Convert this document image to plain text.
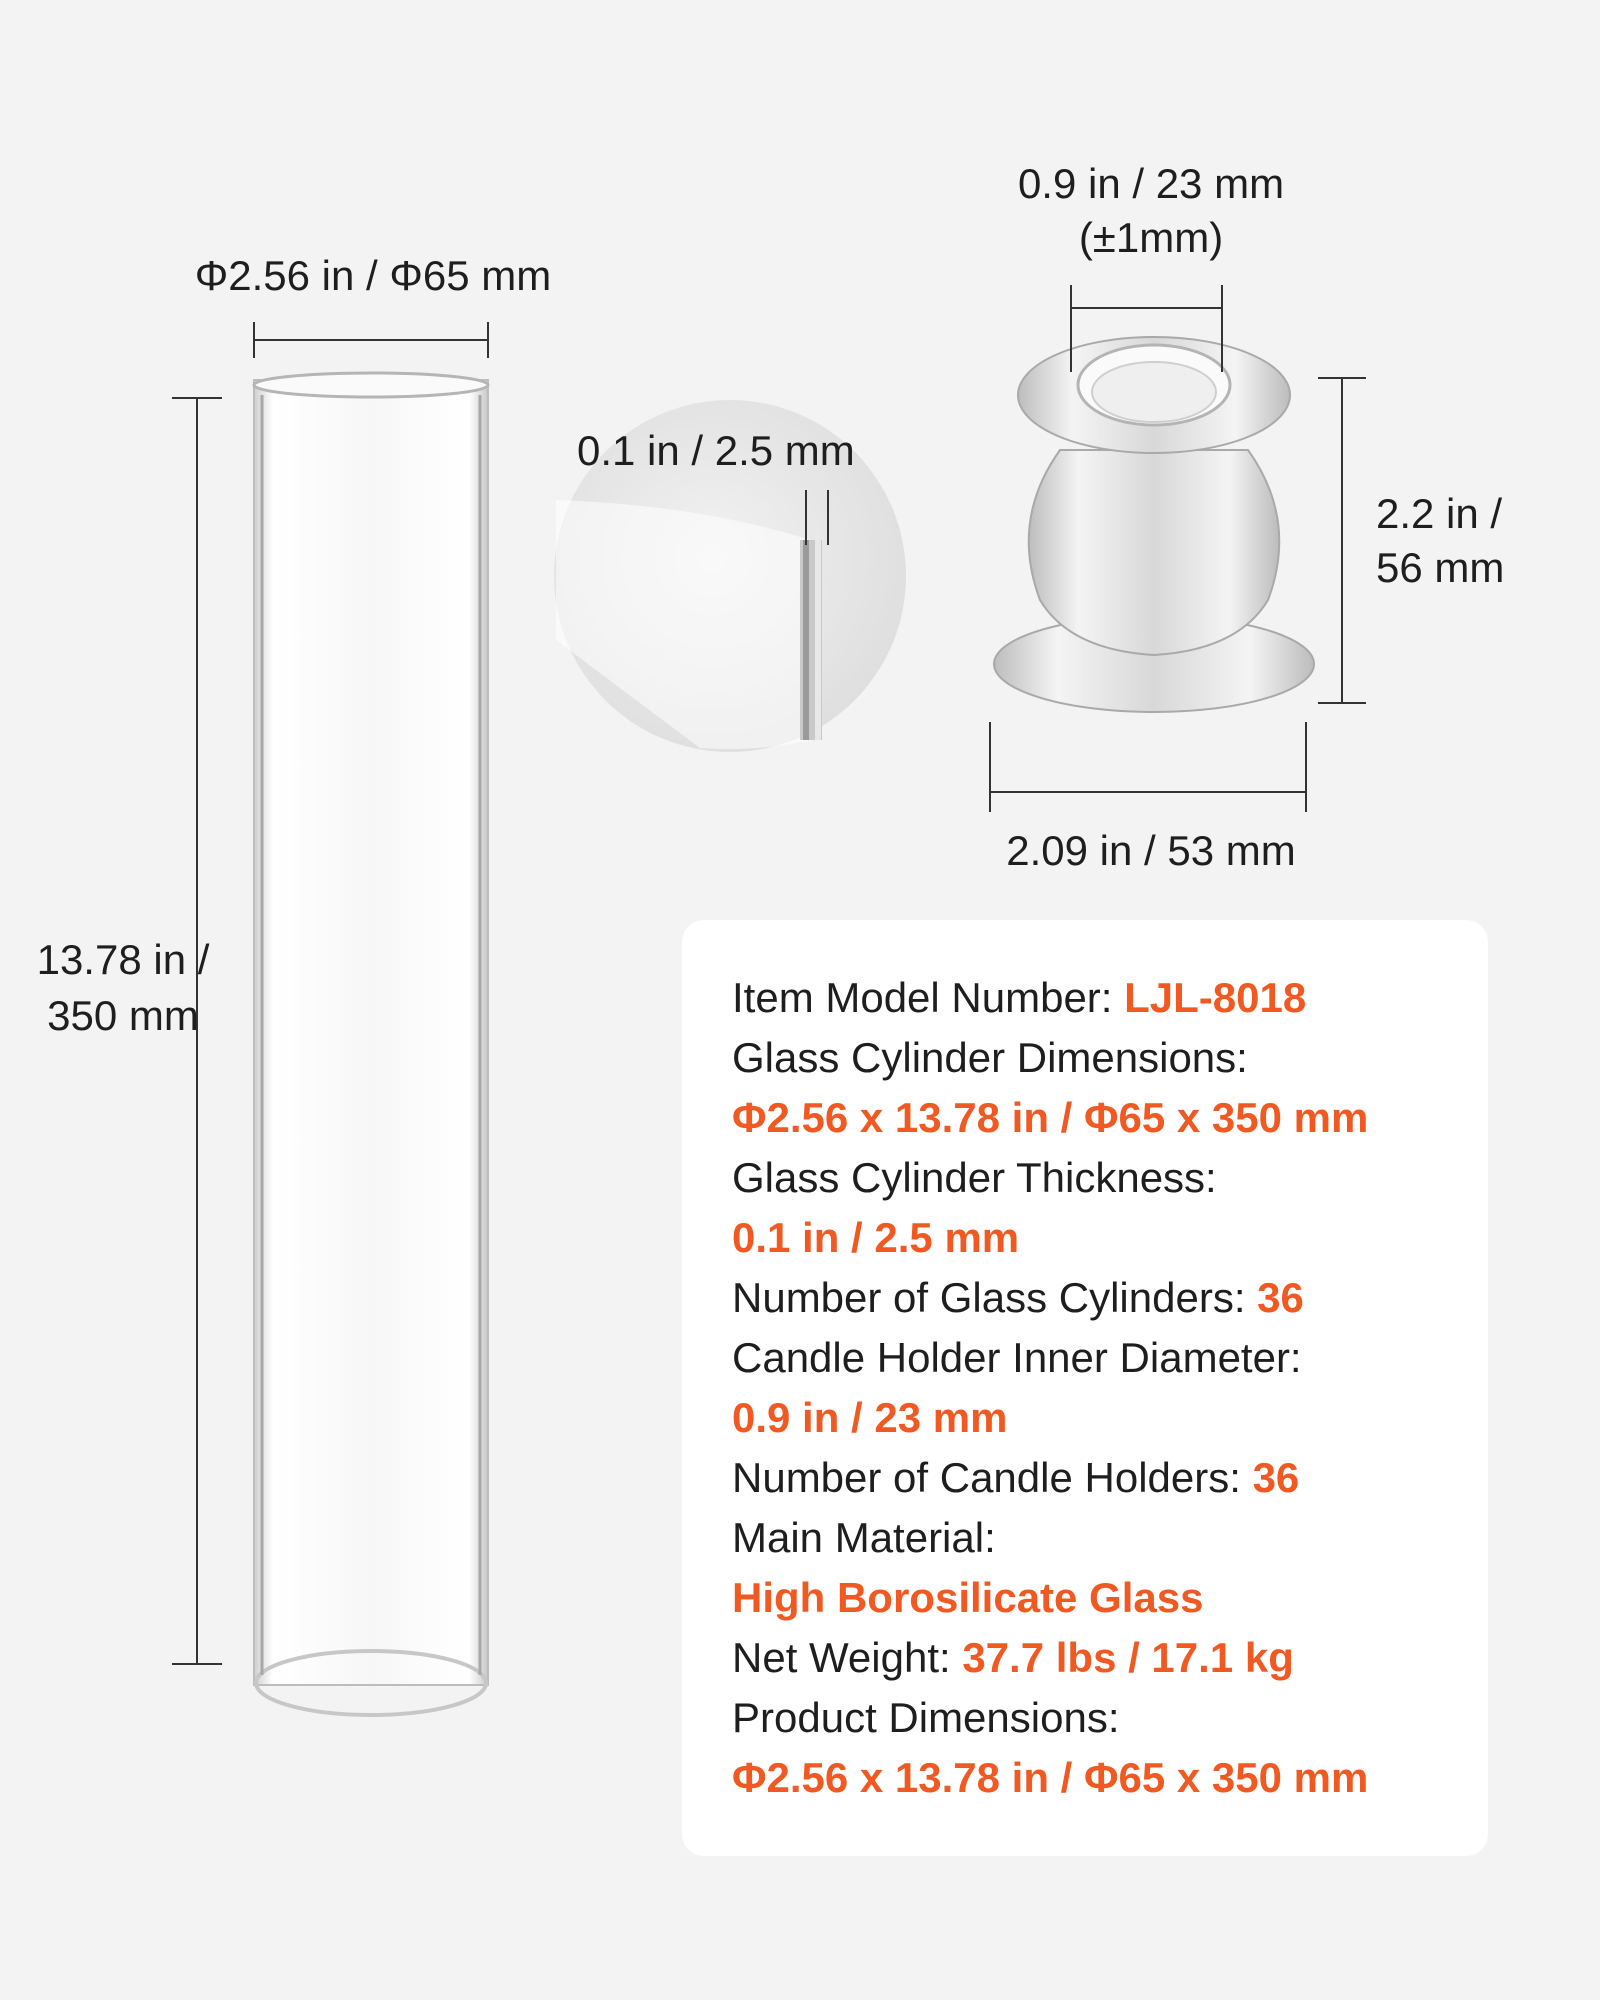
Φ2.56 in / Φ65 mm
13.78 in /
350 mm
0.1 in / 2.5 mm
0.9 in / 23 mm
(±1mm)
2.2 in /
56 mm
2.09 in / 53 mm
Item Model Number: LJL-8018
Glass Cylinder Dimensions:
Φ2.56 x 13.78 in / Φ65 x 350 mm
Glass Cylinder Thickness:
0.1 in / 2.5 mm
Number of Glass Cylinders: 36
Candle Holder Inner Diameter:
0.9 in / 23 mm
Number of Candle Holders: 36
Main Material:
High Borosilicate Glass
Net Weight: 37.7 lbs / 17.1 kg
Product Dimensions:
Φ2.56 x 13.78 in / Φ65 x 350 mm
